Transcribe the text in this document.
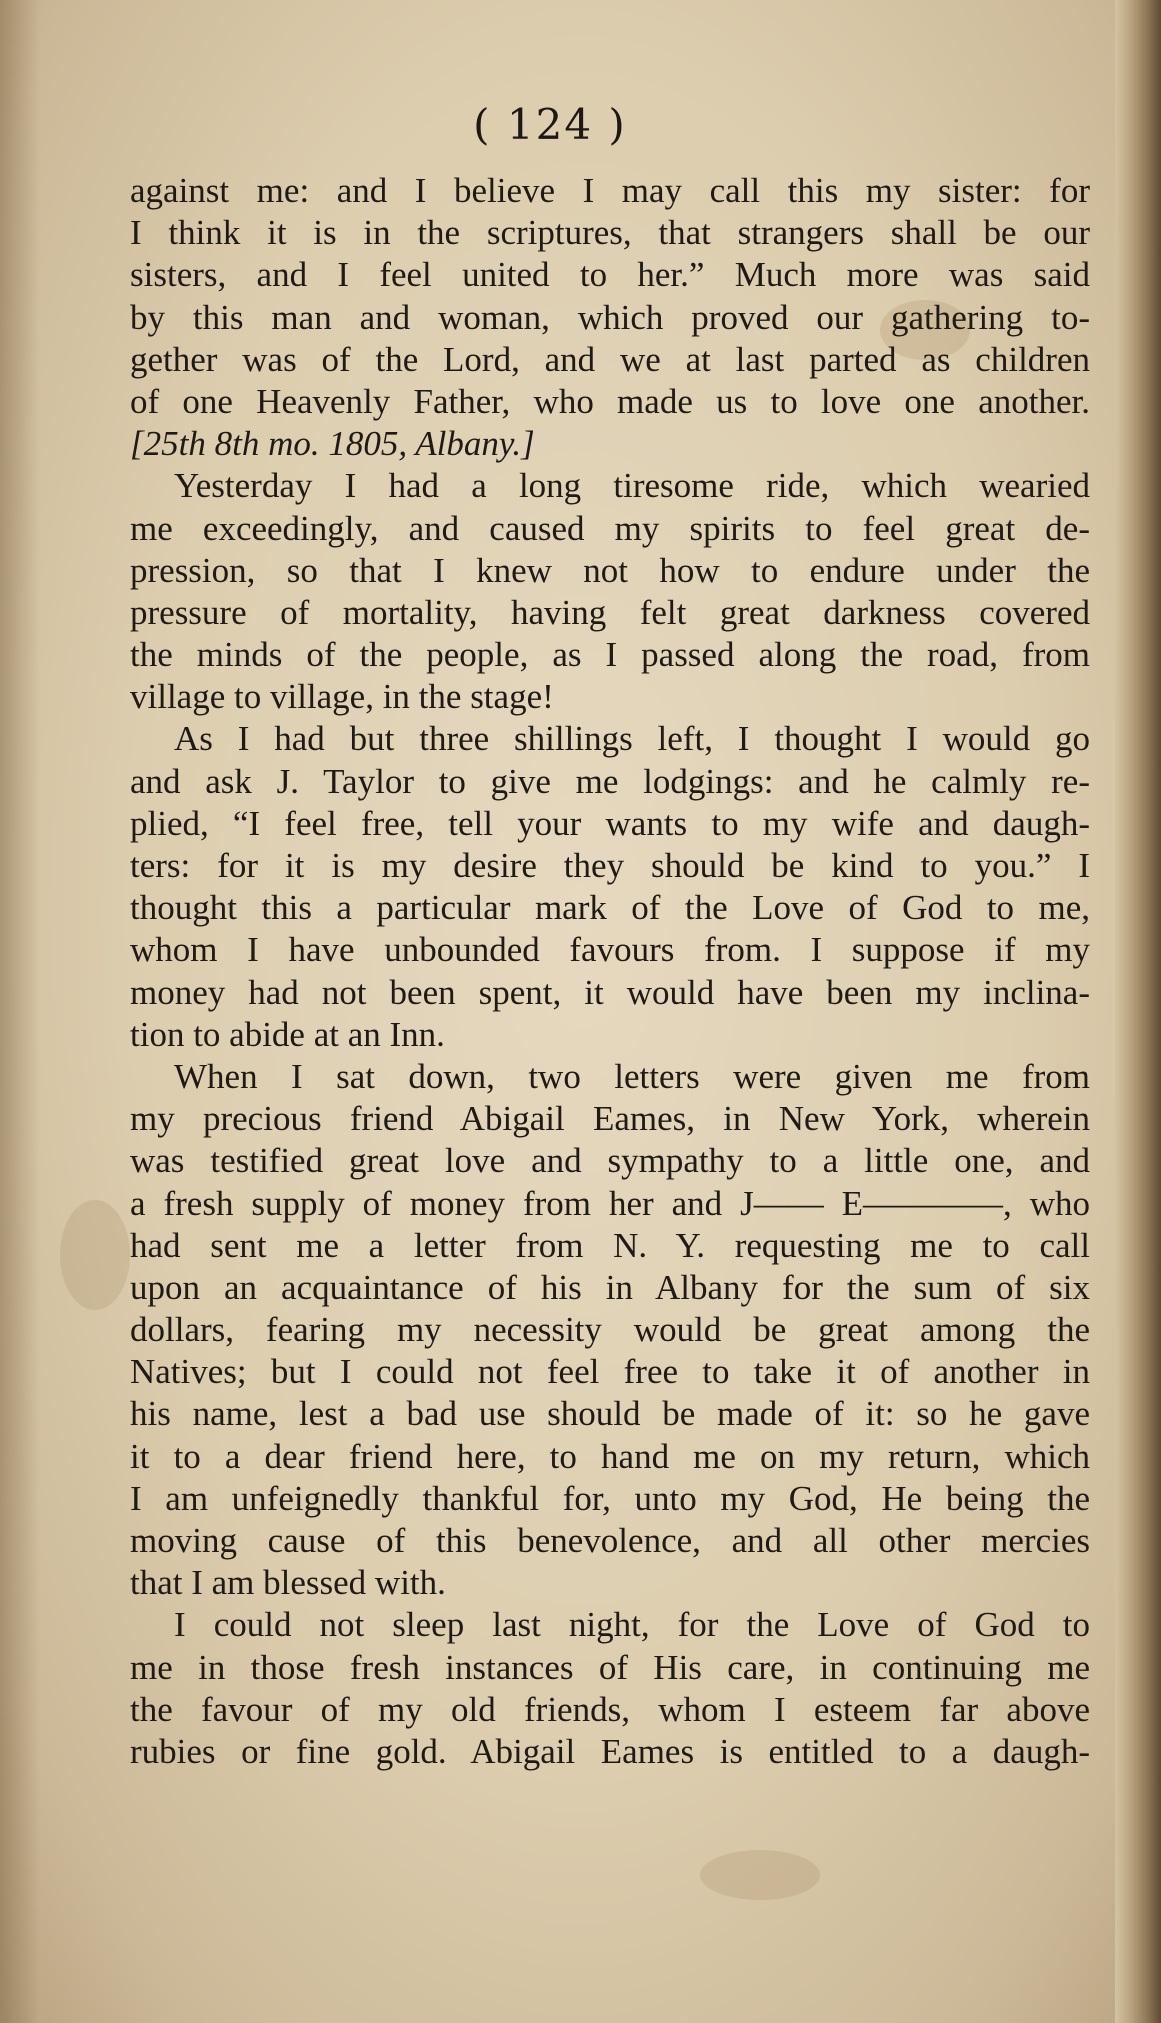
( 124 )
against me: and I believe I may call this my sister: for
I think it is in the scriptures, that strangers shall be our
sisters, and I feel united to her.” Much more was said
by this man and woman, which proved our gathering to-
gether was of the Lord, and we at last parted as children
of one Heavenly Father, who made us to love one another.
[25th 8th mo. 1805, Albany.]
Yesterday I had a long tiresome ride, which wearied
me exceedingly, and caused my spirits to feel great de-
pression, so that I knew not how to endure under the
pressure of mortality, having felt great darkness covered
the minds of the people, as I passed along the road, from
village to village, in the stage!
As I had but three shillings left, I thought I would go
and ask J. Taylor to give me lodgings: and he calmly re-
plied, “I feel free, tell your wants to my wife and daugh-
ters: for it is my desire they should be kind to you.” I
thought this a particular mark of the Love of God to me,
whom I have unbounded favours from. I suppose if my
money had not been spent, it would have been my inclina-
tion to abide at an Inn.
When I sat down, two letters were given me from
my precious friend Abigail Eames, in New York, wherein
was testified great love and sympathy to a little one, and
a fresh supply of money from her and J—— E————, who
had sent me a letter from N. Y. requesting me to call
upon an acquaintance of his in Albany for the sum of six
dollars, fearing my necessity would be great among the
Natives; but I could not feel free to take it of another in
his name, lest a bad use should be made of it: so he gave
it to a dear friend here, to hand me on my return, which
I am unfeignedly thankful for, unto my God, He being the
moving cause of this benevolence, and all other mercies
that I am blessed with.
I could not sleep last night, for the Love of God to
me in those fresh instances of His care, in continuing me
the favour of my old friends, whom I esteem far above
rubies or fine gold. Abigail Eames is entitled to a daugh-
